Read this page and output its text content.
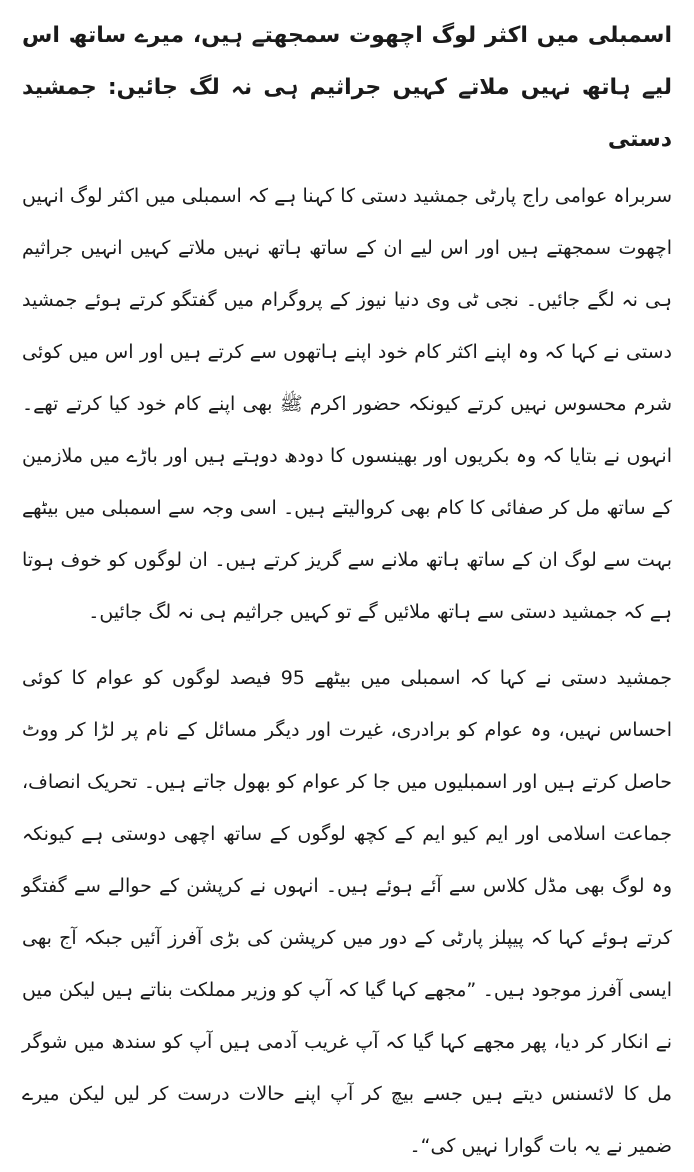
اسمبلی میں اکثر لوگ اچھوت سمجھتے ہیں، میرے ساتھ اس لیے ہاتھ نہیں ملاتے کہیں جراثیم ہی نہ لگ جائیں: جمشید دستی

سربراہ عوامی راج پارٹی جمشید دستی کا کہنا ہے کہ اسمبلی میں اکثر لوگ انہیں اچھوت سمجھتے ہیں اور اس لیے ان کے ساتھ ہاتھ نہیں ملاتے کہیں انہیں جراثیم ہی نہ لگے جائیں۔ نجی ٹی وی دنیا نیوز کے پروگرام میں گفتگو کرتے ہوئے جمشید دستی نے کہا کہ وہ اپنے اکثر کام خود اپنے ہاتھوں سے کرتے ہیں اور اس میں کوئی شرم محسوس نہیں کرتے کیونکہ حضور اکرم ﷺ بھی اپنے کام خود کیا کرتے تھے۔ انہوں نے بتایا کہ وہ بکریوں اور بھینسوں کا دودھ دوہتے ہیں اور باڑے میں ملازمین کے ساتھ مل کر صفائی کا کام بھی کروالیتے ہیں۔ اسی وجہ سے اسمبلی میں بیٹھے بہت سے لوگ ان کے ساتھ ہاتھ ملانے سے گریز کرتے ہیں۔ ان لوگوں کو خوف ہوتا ہے کہ جمشید دستی سے ہاتھ ملائیں گے تو کہیں جراثیم ہی نہ لگ جائیں۔

جمشید دستی نے کہا کہ اسمبلی میں بیٹھے 95 فیصد لوگوں کو عوام کا کوئی احساس نہیں، وہ عوام کو برادری، غیرت اور دیگر مسائل کے نام پر لڑا کر ووٹ حاصل کرتے ہیں اور اسمبلیوں میں جا کر عوام کو بھول جاتے ہیں۔ تحریک انصاف، جماعت اسلامی اور ایم کیو ایم کے کچھ لوگوں کے ساتھ اچھی دوستی ہے کیونکہ وہ لوگ بھی مڈل کلاس سے آئے ہوئے ہیں۔ انہوں نے کرپشن کے حوالے سے گفتگو کرتے ہوئے کہا کہ پیپلز پارٹی کے دور میں کرپشن کی بڑی آفرز آئیں جبکہ آج بھی ایسی آفرز موجود ہیں۔ ”مجھے کہا گیا کہ آپ کو وزیر مملکت بناتے ہیں لیکن میں نے انکار کر دیا، پھر مجھے کہا گیا کہ آپ غریب آدمی ہیں آپ کو سندھ میں شوگر مل کا لائسنس دیتے ہیں جسے بیچ کر آپ اپنے حالات درست کر لیں لیکن میرے ضمیر نے یہ بات گوارا نہیں کی“۔
